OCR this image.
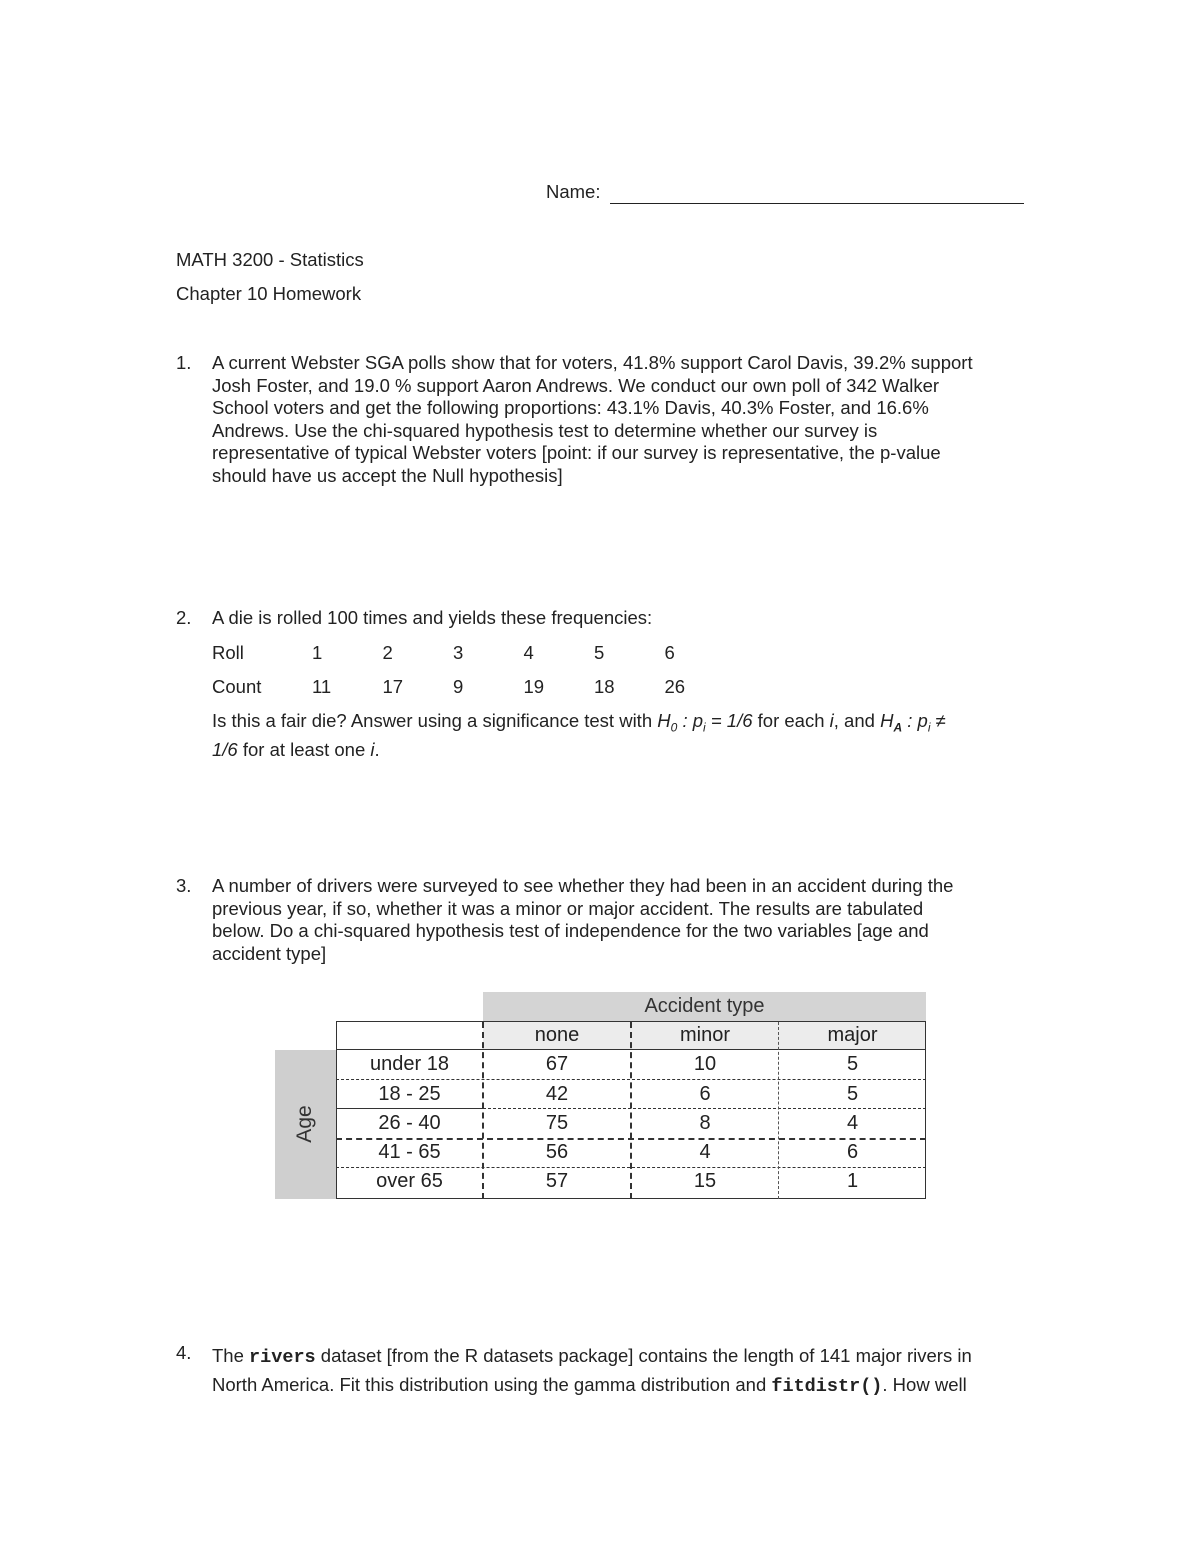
Name:
MATH 3200 - Statistics
Chapter 10 Homework
1. A current Webster SGA polls show that for voters, 41.8% support Carol Davis, 39.2% support
Josh Foster, and 19.0 % support Aaron Andrews. We conduct our own poll of 342 Walker
School voters and get the following proportions: 43.1% Davis, 40.3% Foster, and 16.6%
Andrews. Use the chi-squared hypothesis test to determine whether our survey is
representative of typical Webster voters [point: if our survey is representative, the p-value
should have us accept the Null hypothesis]
2. A die is rolled 100 times and yields these frequencies:
Roll	1	2	3	4	5	6
Count	11	17	9	19	18	26
Is this a fair die? Answer using a significance test with $H_0$ : $p_i = 1/6$ for each i, and $H_A$ : $p_i$ ≠
1/6 for at least one i.
3. A number of drivers were surveyed to see whether they had been in an accident during the
previous year, if so, whether it was a minor or major accident. The results are tabulated
below. Do a chi-squared hypothesis test of independence for the two variables [age and
accident type]
Accident type
Age
none	minor	major
under 18	67	10	5
18 - 25	42	6	5
26 - 40	75	8	4
41 - 65	56	4	6
over 65	57	15	1
4. The rivers dataset [from the R datasets package] contains the length of 141 major rivers in
North America. Fit this distribution using the gamma distribution and fitdistr(). How well
